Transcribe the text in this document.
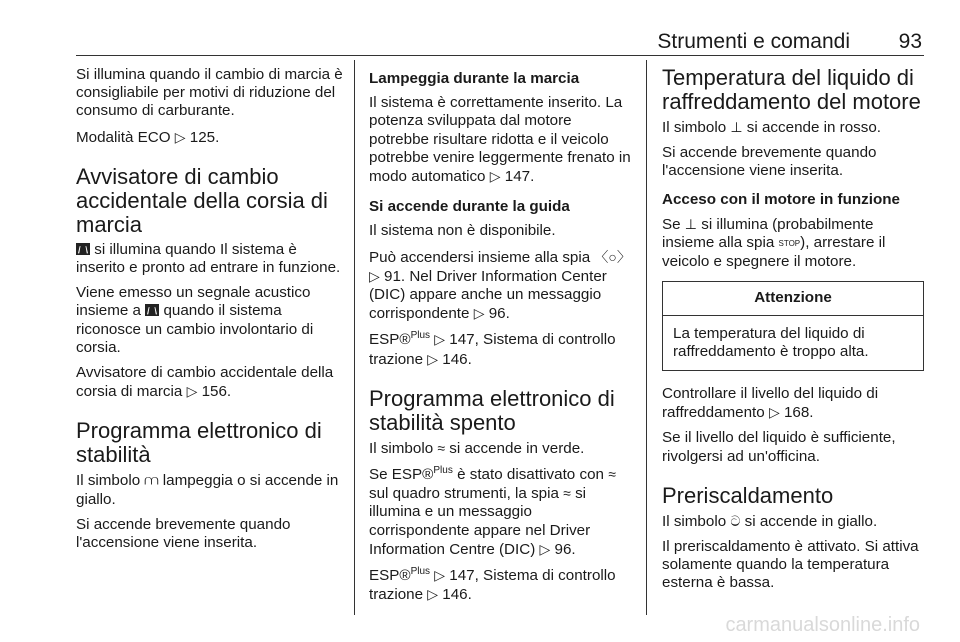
Strumenti e comandi 93

Si illumina quando il cambio di marcia è consigliabile per motivi di riduzione del consumo di carburante.

Modalità ECO ▷ 125.

Avvisatore di cambio accidentale della corsia di marcia

si illumina quando Il sistema è inserito e pronto ad entrare in funzione.

Viene emesso un segnale acustico insieme a  quando il sistema riconosce un cambio involontario di corsia.

Avvisatore di cambio accidentale della corsia di marcia ▷ 156.

Programma elettronico di stabilità

Il simbolo ⩋ lampeggia o si accende in giallo.

Si accende brevemente quando l'accensione viene inserita.

Lampeggia durante la marcia

Il sistema è correttamente inserito. La potenza sviluppata dal motore potrebbe risultare ridotta e il veicolo potrebbe venire leggermente frenato in modo automatico ▷ 147.

Si accende durante la guida

Il sistema non è disponibile.

Può accendersi insieme alla spia 〈○〉
▷ 91. Nel Driver Information Center (DIC) appare anche un messaggio corrispondente ▷ 96.

ESP®$^{Plus}$ ▷ 147, Sistema di controllo trazione ▷ 146.

Programma elettronico di stabilità spento

Il simbolo ≈ si accende in verde.

Se ESP®$^{Plus}$ è stato disattivato con ≈ sul quadro strumenti, la spia ≈ si illumina e un messaggio corrispondente appare nel Driver Information Centre (DIC) ▷ 96.

ESP®$^{Plus}$ ▷ 147, Sistema di controllo trazione ▷ 146.

Temperatura del liquido di raffreddamento del motore

Il simbolo ⊥ si accende in rosso.

Si accende brevemente quando l'accensione viene inserita.

Acceso con il motore in funzione

Se ⊥ si illumina (probabilmente insieme alla spia STOP), arrestare il veicolo e spegnere il motore.

Attenzione
La temperatura del liquido di raffreddamento è troppo alta.

Controllare il livello del liquido di raffreddamento ▷ 168.

Se il livello del liquido è sufficiente, rivolgersi ad un'officina.

Preriscaldamento

Il simbolo ට si accende in giallo.

Il preriscaldamento è attivato. Si attiva solamente quando la temperatura esterna è bassa.

carmanualsonline.info
